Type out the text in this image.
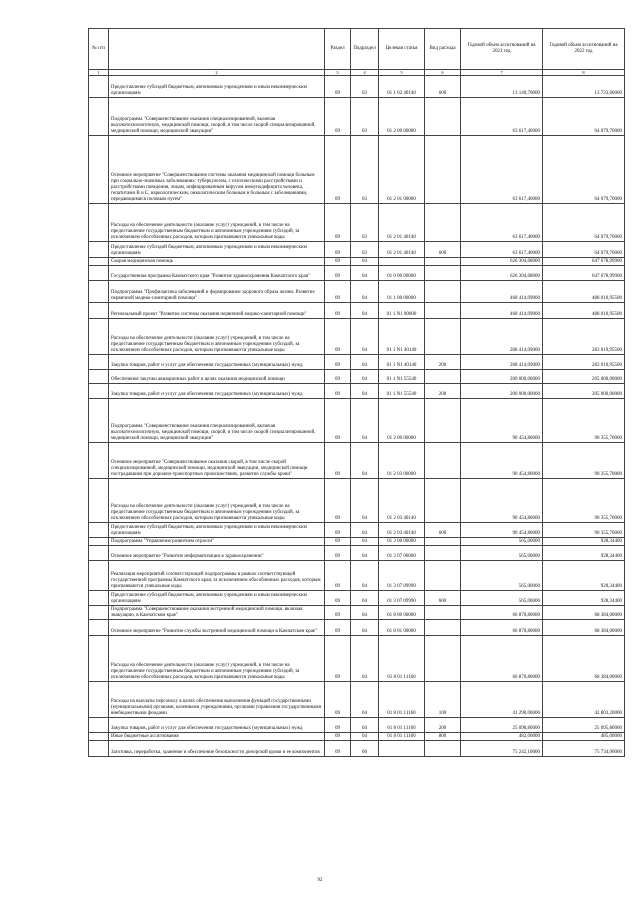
№ п/п		Раздел	Подраздел	Целевая статья	Вид расхода	Годовой объем ассигнований на 2021 год	Годовой объем ассигнований на 2022 год
1	2	3	4	5	6	7	8
	Предоставление субсидий бюджетным, автономным учреждениям и иным некоммерческим организациям	09	03	01 1 02 40140	600	13 140,70000	13 733,60000
	Подпрограмма "Совершенствование оказания специализированной, включая высокотехнологичную, медицинской помощи, скорой, в том числе скорой специализированной, медицинской помощи, медицинской эвакуации"	09	03	01 2 00 00000		63 617,40000	64 079,70000
	Основное мероприятие "Совершенствование системы оказания медицинской помощи больным при социально-значимых заболеваниях: туберкулезом, с психическими расстройствами и расстройствами поведения, лицам, инфицированным вирусом иммунодефицита человека, гепатитами B и C, наркологическим, онкологическим больным и больным с заболеваниями, передающимися половым путем"	09	03	01 2 01 00000		63 617,40000	64 079,70000
	Расходы на обеспечение деятельности (оказание услуг) учреждений, в том числе на предоставление государственным бюджетным и автономным учреждениям субсидий, за исключением обособленных расходов, которым присваиваются уникальные коды	09	03	01 2 01 40140		63 617,40000	64 079,70000
	Предоставление субсидий бюджетным, автономным учреждениям и иным некоммерческим организациям	09	03	01 2 01 40140	600	63 617,40000	64 079,70000
	Скорая медицинская помощь	09	04			626 304,68000	647 678,99900
	Государственная программа Камчатского края "Развитие здравоохранения Камчатского края"	09	04	01 0 00 00000		626 304,68000	647 678,99900
	Подпрограмма "Профилактика заболеваний и формирование здорового образа жизни. Развитие первичной медико-санитарной помощи"	09	04	01 1 00 00000		468 414,09000	488 010,95500
	Региональный проект "Развитие системы оказания первичной медико-санитарной помощи"	09	04	01 1 N1 00000		468 414,09000	488 010,95500
	Расходы на обеспечение деятельности (оказание услуг) учреждений, в том числе на предоставление государственным бюджетным и автономным учреждениям субсидий, за исключением обособленных расходов, которым присваиваются уникальные коды	09	04	01 1 N1 40140		268 414,09000	283 010,95500
	Закупка товаров, работ и услуг для обеспечения государственных (муниципальных) нужд	09	04	01 1 N1 40140	200	268 414,09000	283 010,95500
	Обеспечение закупки авиационных работ в целях оказания медицинской помощи	09	04	01 1 N1 55540		200 000,00000	205 000,00000
	Закупка товаров, работ и услуг для обеспечения государственных (муниципальных) нужд	09	04	01 1 N1 55540	200	200 000,00000	205 000,00000
	Подпрограмма "Совершенствование оказания специализированной, включая высокотехнологичную, медицинской помощи, скорой, в том числе скорой специализированной, медицинской помощи, медицинской эвакуации"	09	04	01 2 00 00000		90 454,80000	90 355,70000
	Основное мероприятие "Совершенствование оказания скорой, в том числе скорой специализированной, медицинской помощи, медицинской эвакуации, медицинской помощи пострадавшим при дорожно-транспортных происшествиях, развитие службы крови"	09	04	01 2 03 00000		90 454,80000	90 355,70000
	Расходы на обеспечение деятельности (оказание услуг) учреждений, в том числе на предоставление государственным бюджетным и автономным учреждениям субсидий, за исключением обособленных расходов, которым присваиваются уникальные коды	09	04	01 2 03 40140		90 454,80000	90 355,70000
	Предоставление субсидий бюджетным, автономным учреждениям и иным некоммерческим организациям	09	04	01 2 03 40140	600	90 454,80000	90 355,70000
	Подпрограмма "Управление развитием отрасли"	09	04	01 3 00 00000		565,00000	928,34400
	Основное мероприятие "Развитие информатизации в здравоохранении"	09	04	01 3 07 00000		565,00000	928,34400
	Реализация мероприятий соответствующей подпрограммы в рамках соответствующей государственной программы Камчатского края, за исключением обособленных расходов, которым присваиваются уникальные коды	09	04	01 3 07 09990		565,00000	928,34400
	Предоставление субсидий бюджетным, автономным учреждениям и иным некоммерческим организациям	09	04	01 3 07 09990	600	565,00000	928,34400
	Подпрограмма "Совершенствование оказания экстренной медицинской помощи, включая эвакуацию, в Камчатском крае"	09	04	01 8 00 00000		66 870,80000	68 384,00000
	Основное мероприятие "Развитие службы экстренной медицинской помощи в Камчатском крае"	09	04	01 8 01 00000		66 870,80000	68 384,00000
	Расходы на обеспечение деятельности (оказание услуг) учреждений, в том числе на предоставление государственным бюджетным и автономным учреждениям субсидий, за исключением обособленных расходов, которым присваиваются уникальные коды	09	04	01 8 01 11160		66 870,80000	68 384,00000
	Расходы на выплаты персоналу в целях обеспечения выполнения функций государственными (муниципальными) органами, казенными учреждениями, органами управления государственными внебюджетными фондами	09	04	01 8 01 11160	100	41 290,00000	42 803,20000
	Закупка товаров, работ и услуг для обеспечения государственных (муниципальных) нужд	09	04	01 8 01 11160	200	25 098,80000	25 095,80000
	Иные бюджетные ассигнования	09	04	01 8 01 11160	800	482,00000	485,00000
	Заготовка, переработка, хранение и обеспечение безопасности донорской крови и ее компонентов	09	06			75 242,10000	75 734,90000
92
